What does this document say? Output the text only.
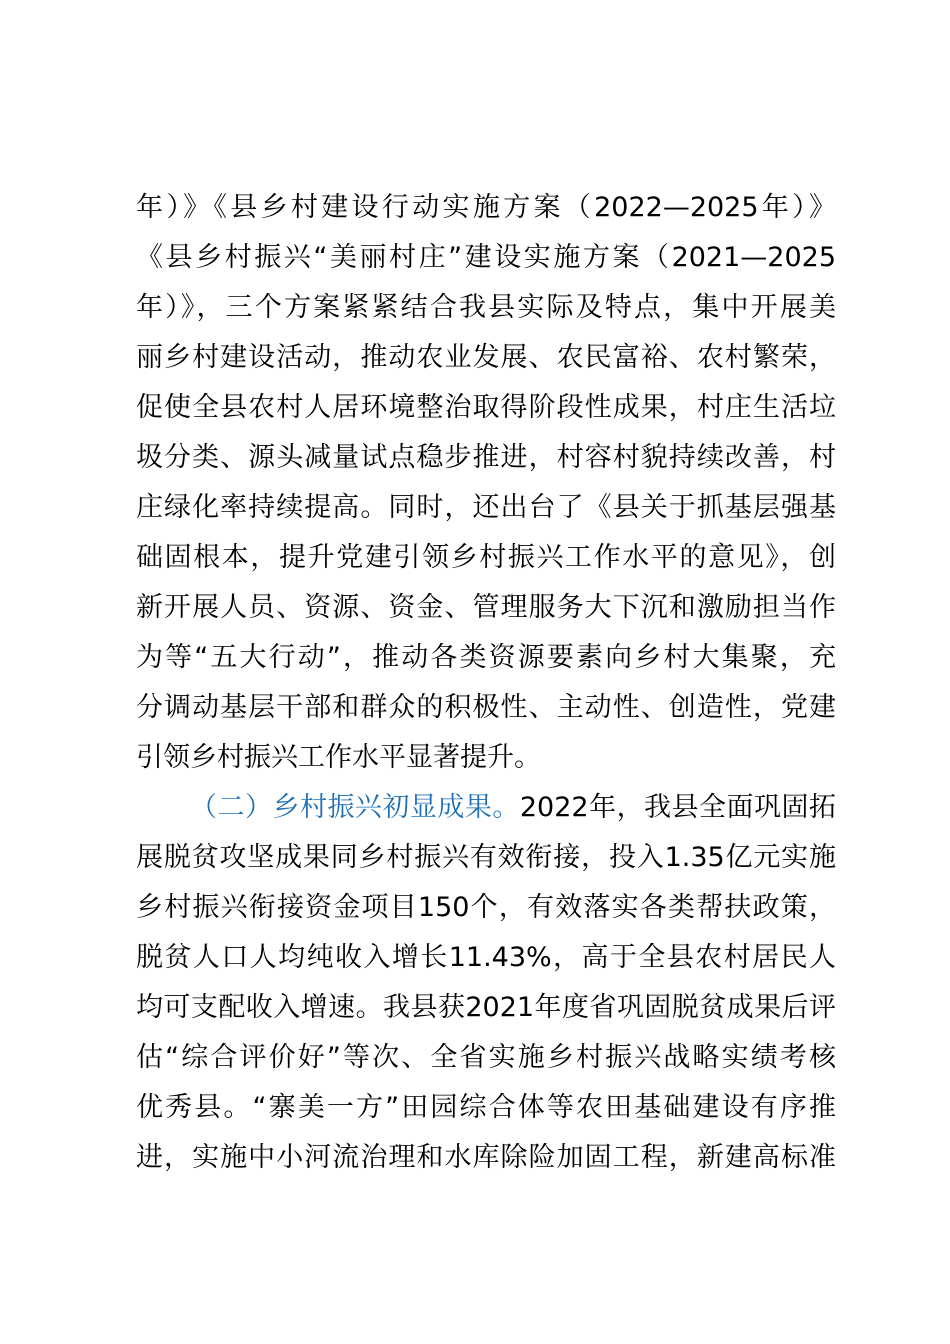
年）》《县乡村建设行动实施方案（2022—2025年）》
《县乡村振兴“美丽村庄”建设实施方案（2021—2025
年）》，三个方案紧紧结合我县实际及特点，集中开展美
丽乡村建设活动，推动农业发展、农民富裕、农村繁荣，
促使全县农村人居环境整治取得阶段性成果，村庄生活垃
圾分类、源头减量试点稳步推进，村容村貌持续改善，村
庄绿化率持续提高。同时，还出台了《县关于抓基层强基
础固根本，提升党建引领乡村振兴工作水平的意见》，创
新开展人员、资源、资金、管理服务大下沉和激励担当作
为等“五大行动”，推动各类资源要素向乡村大集聚，充
分调动基层干部和群众的积极性、主动性、创造性，党建
引领乡村振兴工作水平显著提升。
（二）乡村振兴初显成果。2022年，我县全面巩固拓
展脱贫攻坚成果同乡村振兴有效衔接，投入1.35亿元实施
乡村振兴衔接资金项目150个，有效落实各类帮扶政策，
脱贫人口人均纯收入增长11.43%，高于全县农村居民人
均可支配收入增速。我县获2021年度省巩固脱贫成果后评
估“综合评价好”等次、全省实施乡村振兴战略实绩考核
优秀县。“寨美一方”田园综合体等农田基础建设有序推
进，实施中小河流治理和水库除险加固工程，新建高标准
